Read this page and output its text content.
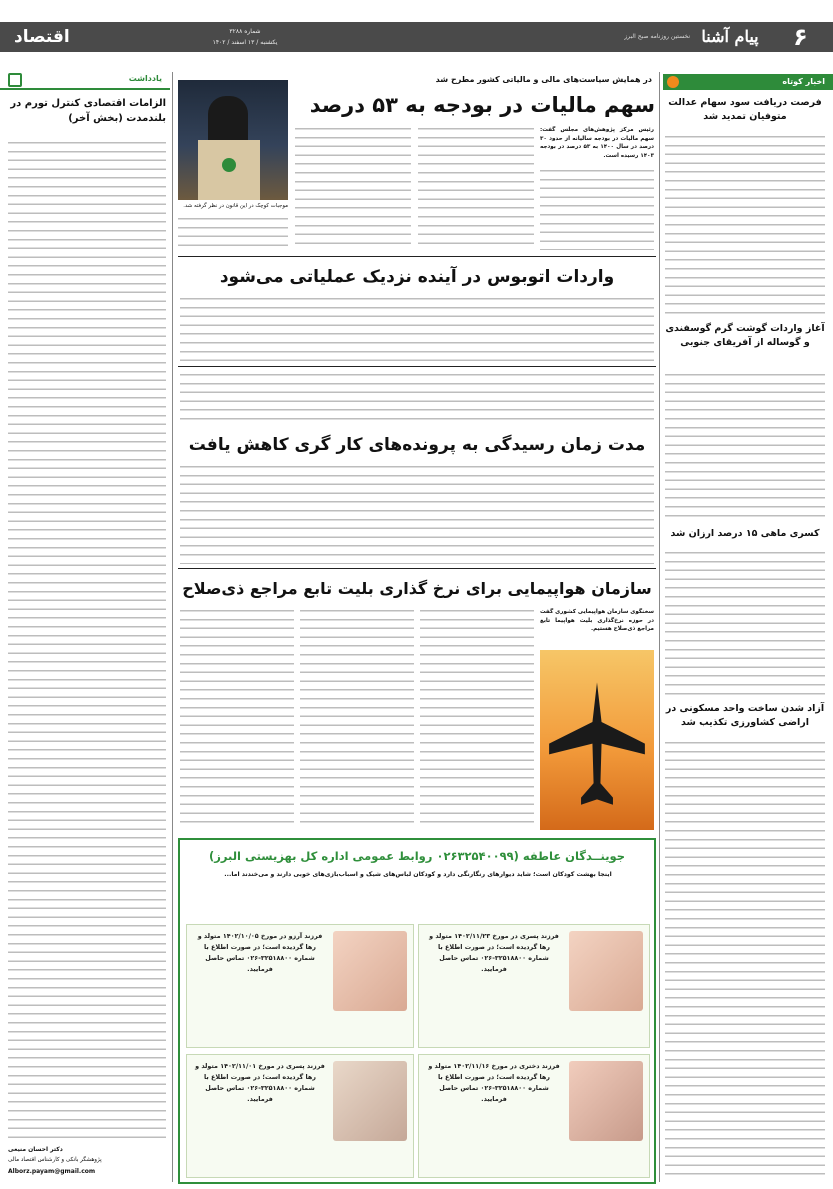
اقتصاد	شماره ۳۲۸۸
یکشنبه / ۱۳ اسفند / ۱۴۰۲	۶
پیام آشنا
نخستین روزنامه صبح البرز
اخبار کوتاه
فرصت دریافت سود سهام عدالت متوفیان تمدید شد
آغاز واردات گوشت گرم گوسفندی و گوساله از آفریقای جنوبی
کسری ماهی ۱۵ درصد ارزان شد
آزاد شدن ساخت واحد مسکونی در اراضی کشاورزی تکذیب شد
یادداشت
الزامات اقتصادی کنترل تورم در بلندمدت (بخش آخر)
دکتر احسان منیعی
پژوهشگر بانکی و کارشناس اقتصاد مالی
Alborz.payam@gmail.com
در همایش سیاست‌های مالی و مالیاتی کشور مطرح شد
سهم مالیات در بودجه به ۵۳ درصد
رئیس مرکز پژوهش‌های مجلس گفت: سهم مالیات در بودجه سالیانه از حدود ۳۰ درصد در سال ۱۴۰۰ به ۵۳ درصد در بودجه ۱۴۰۳ رسیده است.
موجبات کوچک در این قانون در نظر گرفته شد.
واردات اتوبوس در آینده نزدیک عملیاتی می‌شود
مدت زمان رسیدگی به پرونده‌های کار گری کاهش یافت
سازمان هواپیمایی برای نرخ گذاری بلیت تابع مراجع ذی‌صلاح
سخنگوی سازمان هواپیمایی کشوری گفت در حوزه نرخ‌گذاری بلیت هواپیما تابع مراجع ذی‌صلاح هستیم.
جوینــدگان عاطفه (۰۲۶۳۲۵۴۰۰۹۹ روابط عمومی اداره کل بهزیستی البرز)
اینجا بهشت کودکان است؛ شاید دیوارهای رنگارنگی دارد و کودکان لباس‌های شیک و اسباب‌بازی‌های خوبی دارند و می‌خندند اما...
فرزند پسری در مورخ ۱۴۰۲/۱۱/۲۳ متولد و رها گردیده است؛ در صورت اطلاع با شماره ۳۲۵۱۸۸۰۰-۰۲۶ تماس حاصل فرمایید.
فرزند آرزو در مورخ ۱۴۰۲/۱۰/۰۵ متولد و رها گردیده است؛ در صورت اطلاع با شماره ۳۲۵۱۸۸۰۰-۰۲۶ تماس حاصل فرمایید.
فرزند دختری در مورخ ۱۴۰۲/۱۱/۱۶ متولد و رها گردیده است؛ در صورت اطلاع با شماره ۳۲۵۱۸۸۰۰-۰۲۶ تماس حاصل فرمایید.
فرزند پسری در مورخ ۱۴۰۲/۱۱/۰۱ متولد و رها گردیده است؛ در صورت اطلاع با شماره ۳۲۵۱۸۸۰۰-۰۲۶ تماس حاصل فرمایید.
